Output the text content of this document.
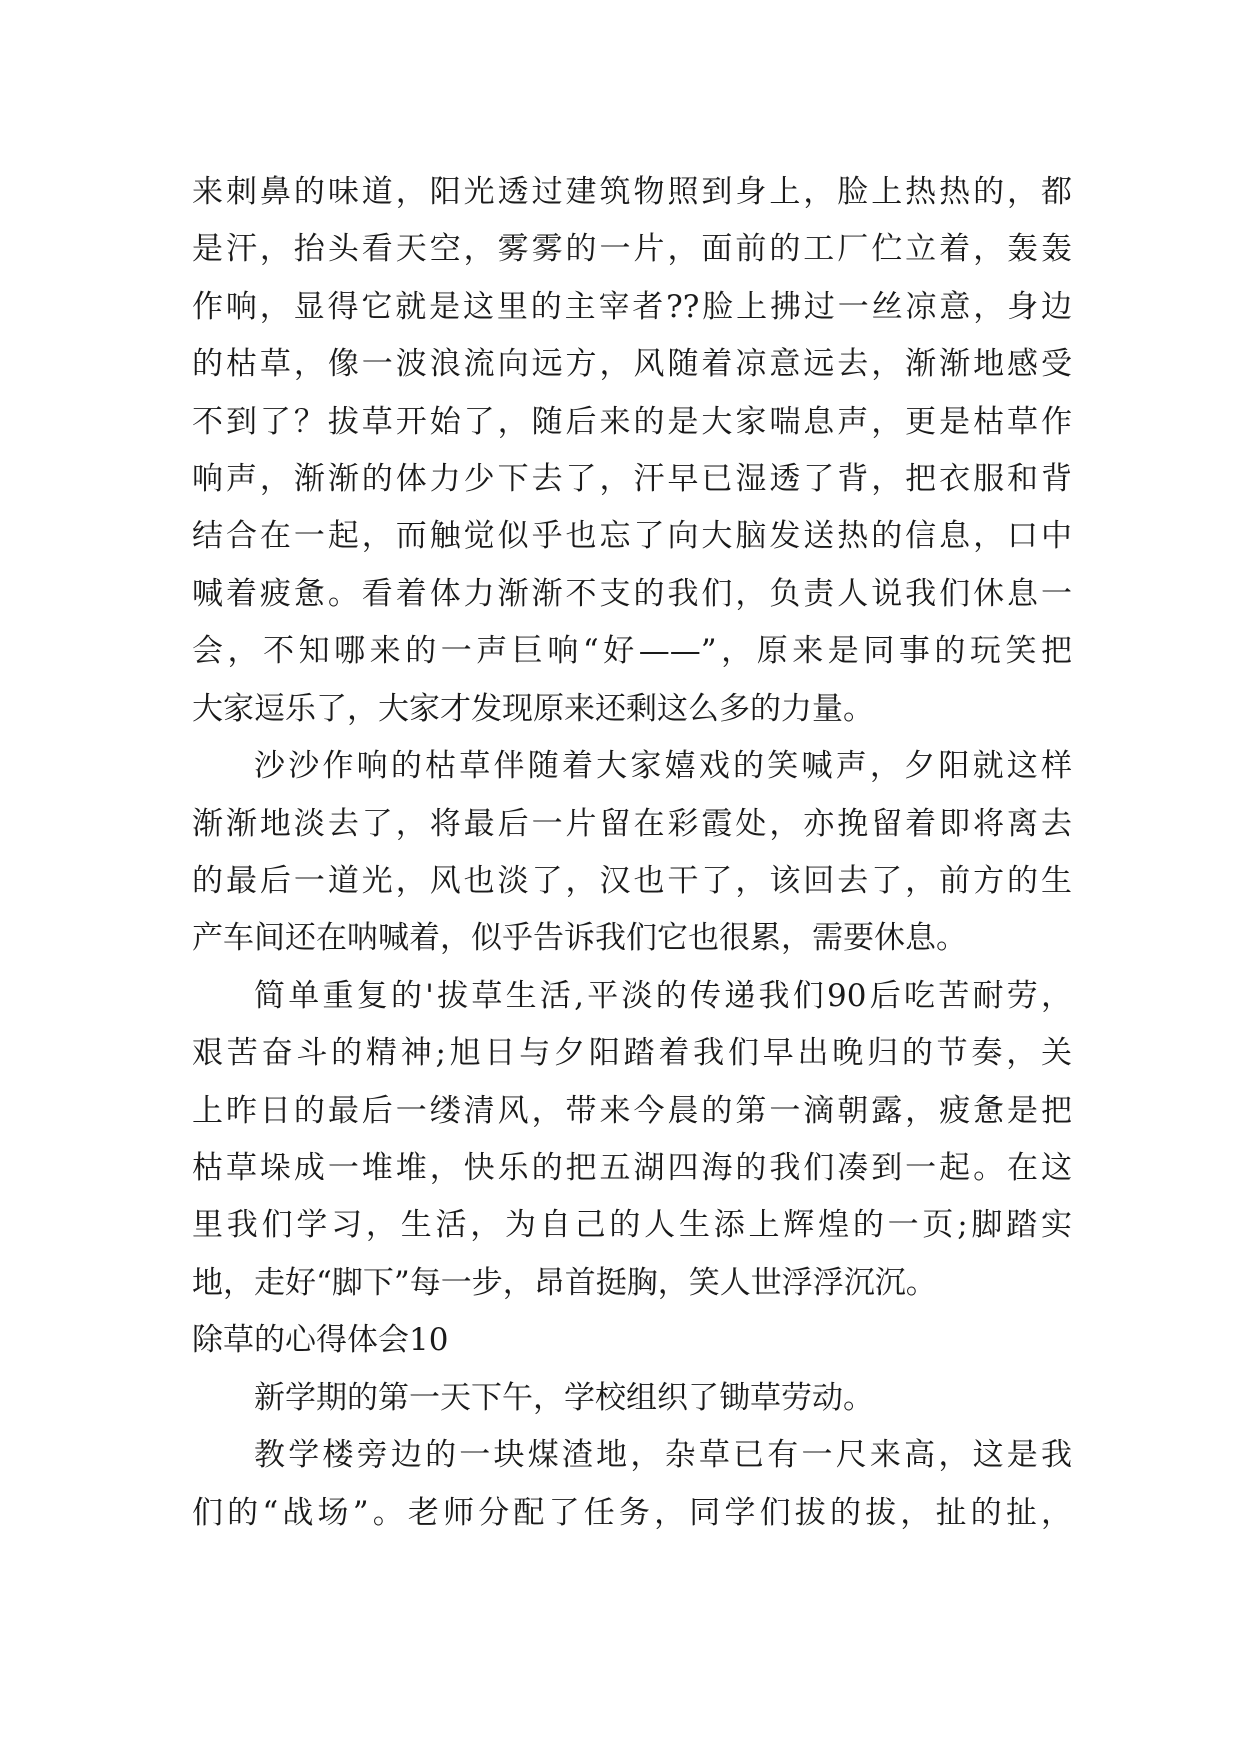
来刺鼻的味道，阳光透过建筑物照到身上，脸上热热的，都
是汗，抬头看天空，雾雾的一片，面前的工厂伫立着，轰轰
作响，显得它就是这里的主宰者??脸上拂过一丝凉意，身边
的枯草，像一波浪流向远方，风随着凉意远去，渐渐地感受
不到了？拔草开始了，随后来的是大家喘息声，更是枯草作
响声，渐渐的体力少下去了，汗早已湿透了背，把衣服和背
结合在一起，而触觉似乎也忘了向大脑发送热的信息，口中
喊着疲惫。看着体力渐渐不支的我们，负责人说我们休息一
会，不知哪来的一声巨响“好——”，原来是同事的玩笑把
大家逗乐了，大家才发现原来还剩这么多的力量。
沙沙作响的枯草伴随着大家嬉戏的笑喊声，夕阳就这样
渐渐地淡去了，将最后一片留在彩霞处，亦挽留着即将离去
的最后一道光，风也淡了，汉也干了，该回去了，前方的生
产车间还在呐喊着，似乎告诉我们它也很累，需要休息。
简单重复的'拔草生活,平淡的传递我们90后吃苦耐劳，
艰苦奋斗的精神;旭日与夕阳踏着我们早出晚归的节奏，关
上昨日的最后一缕清风，带来今晨的第一滴朝露，疲惫是把
枯草垛成一堆堆，快乐的把五湖四海的我们凑到一起。在这
里我们学习，生活，为自己的人生添上辉煌的一页;脚踏实
地，走好“脚下”每一步，昂首挺胸，笑人世浮浮沉沉。
除草的心得体会10
新学期的第一天下午，学校组织了锄草劳动。
教学楼旁边的一块煤渣地，杂草已有一尺来高，这是我
们的“战场”。老师分配了任务，同学们拔的拔，扯的扯，
